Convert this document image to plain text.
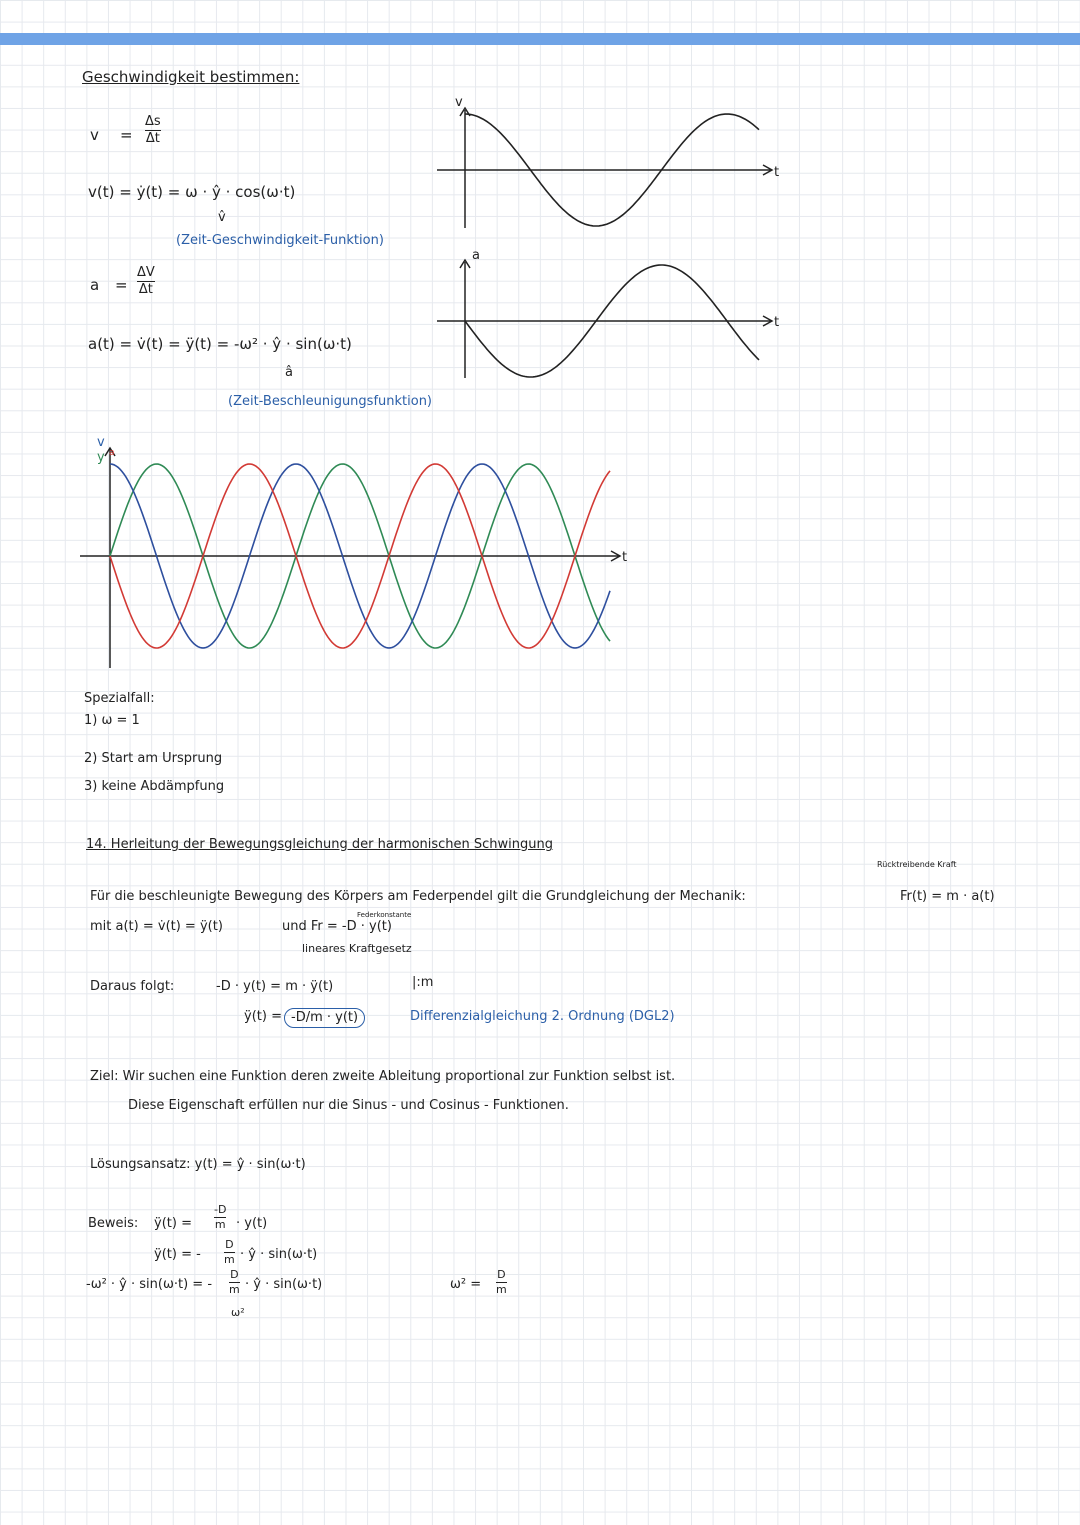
Geschwindigkeit bestimmen:
v =
Δs
Δt
v(t) = ẏ(t) = ω · ŷ · cos(ω·t)
v̂
(Zeit-Geschwindigkeit-Funktion)
a =
ΔV
Δt
a(t) = v̇(t) = ÿ(t) = -ω² · ŷ · sin(ω·t)
â
(Zeit-Beschleunigungsfunktion)
v
t
a
t
v
y a
t
Spezialfall:
1) ω = 1
2) Start am Ursprung
3) keine Abdämpfung
14. Herleitung der Bewegungsgleichung der harmonischen Schwingung
Rücktreibende Kraft
Für die beschleunigte Bewegung des Körpers am Federpendel gilt die Grundgleichung der Mechanik:	Fr(t) = m · a(t)
Federkonstante
mit a(t) = v̇(t) = ÿ(t)	und Fr = -D · y(t)
lineares Kraftgesetz
Daraus folgt:	-D · y(t) = m · ÿ(t)	|:m
ÿ(t) = -D/m · y(t)	Differenzialgleichung 2. Ordnung (DGL2)
Ziel: Wir suchen eine Funktion deren zweite Ableitung proportional zur Funktion selbst ist.
Diese Eigenschaft erfüllen nur die Sinus - und Cosinus - Funktionen.
Lösungsansatz: y(t) = ŷ · sin(ω·t)
Beweis: ÿ(t) =
-D
m · y(t)
ÿ(t) = -
D
m · ŷ · sin(ω·t)
-ω² · ŷ · sin(ω·t) = -
D
m · ŷ · sin(ω·t)
ω²
ω² =
D
m
